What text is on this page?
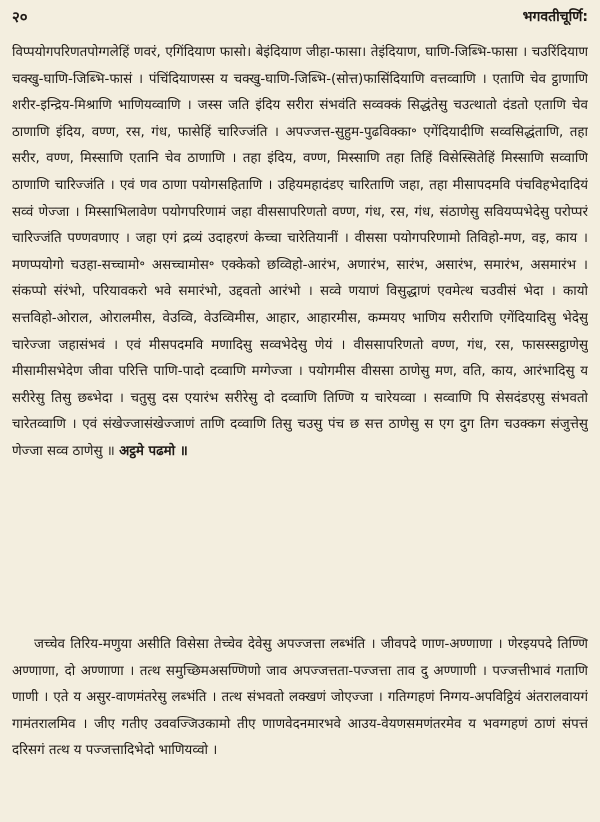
२०	भगवतीचूर्णि:

विप्पयोगपरिणतपोग्गलेहिं णवरं, एगिंदियाण फासो। बेइंदियाण जीहा-फासा। तेइंदियाण, घाणि-जिब्भि-फासा । चउरिंदियाण चक्खु-घाणि-जिब्भि-फासं । पंचिंदियाणस्स य चक्खु-घाणि-जिब्भि-(सोत्त)फासिंदियाणि वत्तव्वाणि । एताणि चेव ट्ठाणाणि शरीर-इन्द्रिय-मिश्राणि भाणियव्वाणि । जस्स जति इंदिय सरीरा संभवंति सव्वक्कं सिद्धंतेसु चउत्थातो दंडतो एताणि चेव ठाणाणि इंदिय, वण्ण, रस, गंध, फासेहिं चारिज्जंति । अपज्जत्त-सुहुम-पुढविक्का॰ एगेंदियादीणि सव्वसिद्धंताणि, तहा सरीर, वण्ण, मिस्साणि एतानि चेव ठाणाणि । तहा इंदिय, वण्ण, मिस्साणि तहा तिहिं विसेस्सितेहिं मिस्साणि सव्वाणि ठाणाणि चारिज्जंति । एवं णव ठाणा पयोगसहिताणि । उहियमहादंडए चारिताणि जहा, तहा मीसापदमवि पंचविहभेदादियं सव्वं णेज्जा । मिस्साभिलावेण पयोगपरिणामं जहा वीससापरिणतो वण्ण, गंध, रस, गंध, संठाणेसु सवियप्पभेदेसु परोप्परं चारिज्जंति पण्णवणाए । जहा एगं द्रव्यं उदाहरणं केच्चा चारेतियानीं । वीससा पयोगपरिणामो तिविहो-मण, वइ, काय । मणप्पयोगो चउहा-सच्चामो॰ असच्चामोस॰ एक्केको छव्विहो-आरंभ, अणारंभ, सारंभ, असारंभ, समारंभ, असमारंभ । संकप्पो संरंभो, परियावकरो भवे समारंभो, उद्दवतो आरंभो । सव्वे णयाणं विसुद्धाणं एवमेत्थ चउवीसं भेदा । कायो सत्तविहो-ओराल, ओरालमीस, वेउव्वि, वेउव्विमीस, आहार, आहारमीस, कम्मयए भाणिय सरीराणि एगेंदियादिसु भेदेसु चारेज्जा जहासंभवं । एवं मीसपदमवि मणादिसु सव्वभेदेसु णेयं । वीससापरिणतो वण्ण, गंध, रस, फासस्सट्ठाणेसु मीसामीसभेदेण जीवा परित्ति पाणि-पादो दव्वाणि मग्गेज्जा । पयोगमीस वीससा ठाणेसु मण, वति, काय, आरंभादिसु य सरीरेसु तिसु छब्भेदा । चतुसु दस एयारंभ सरीरेसु दो दव्वाणि तिण्णि य चारेयव्वा । सव्वाणि पि सेसदंडएसु संभवतो चारेतव्वाणि । एवं संखेज्जासंखेज्जाणं ताणि दव्वाणि तिसु चउसु पंच छ सत्त ठाणेसु स एग दुग तिग चउक्कग संजुत्तेसु णेज्जा सव्व ठाणेसु ॥ अट्ठमे पढमो ॥

जच्चेव तिरिय-मणुया असीति विसेसा तेच्चेव देवेसु अपज्जत्ता लब्भंति । जीवपदे णाण-अण्णाणा । णेरइयपदे तिण्णि अण्णाणा, दो अण्णाणा । तत्थ समुच्छिमअसण्णिणो जाव अपज्जत्तता-पज्जत्ता ताव दु अण्णाणी । पज्जत्तीभावं गताणि णाणी । एते य असुर-वाणमंतरेसु लब्भंति । तत्थ संभवतो लक्खणं जोएज्जा । गतिग्गहणं निग्गय-अपविट्ठियं अंतरालवायगं गामंतरालमिव । जीए गतीए उववज्जिउकामो तीए णाणवेदनमारभवे आउय-वेयणसमणंतरमेव य भवग्गहणं ठाणं संपत्तं दरिसगं तत्थ य पज्जत्तादिभेदो भाणियव्वो ।
